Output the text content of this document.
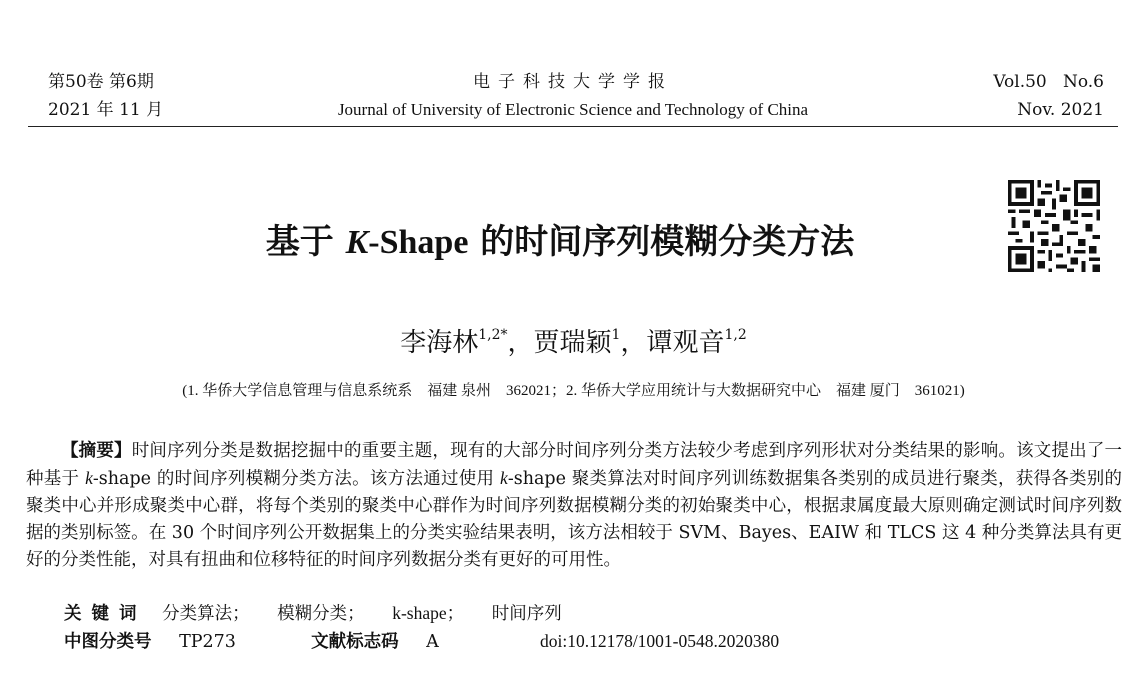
第50卷 第6期
2021 年 11 月
电子科技大学学报
Journal of University of Electronic Science and Technology of China
Vol.50   No.6
Nov. 2021
基于 K-Shape 的时间序列模糊分类方法
李海林$^{1,2*}$，贾瑞颖$^1$，谭观音$^{1,2}$
(1. 华侨大学信息管理与信息系统系    福建 泉州    362021；2. 华侨大学应用统计与大数据研究中心    福建 厦门    361021)
【摘要】时间序列分类是数据挖掘中的重要主题，现有的大部分时间序列分类方法较少考虑到序列形状对分类结果的影响。该文提出了一种基于 k-shape 的时间序列模糊分类方法。该方法通过使用 k-shape 聚类算法对时间序列训练数据集各类别的成员进行聚类，获得各类别的聚类中心并形成聚类中心群，将每个类别的聚类中心群作为时间序列数据模糊分类的初始聚类中心，根据隶属度最大原则确定测试时间序列数据的类别标签。在 30 个时间序列公开数据集上的分类实验结果表明，该方法相较于 SVM、Bayes、EAIW 和 TLCS 这 4 种分类算法具有更好的分类性能，对具有扭曲和位移特征的时间序列数据分类有更好的可用性。
关键词 分类算法； 模糊分类； k-shape； 时间序列
中图分类号 TP273	文献标志码 A	doi:10.12178/1001-0548.2020380
